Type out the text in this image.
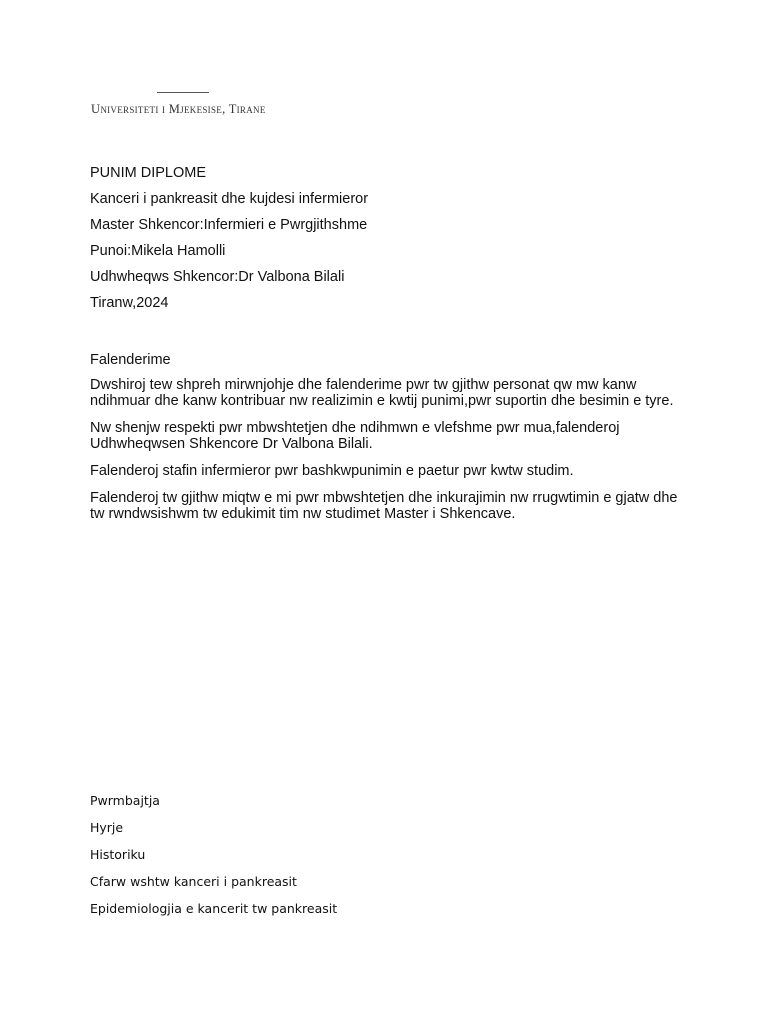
Universiteti i Mjekesise, Tirane
PUNIM DIPLOME
Kanceri i pankreasit dhe kujdesi infermieror
Master Shkencor:Infermieri e Pwrgjithshme
Punoi:Mikela Hamolli
Udhwheqws Shkencor:Dr Valbona Bilali
Tiranw,2024
Falenderime

Dwshiroj tew shpreh mirwnjohje dhe falenderime pwr tw gjithw personat qw mw kanw ndihmuar dhe kanw kontribuar nw realizimin e kwtij punimi,pwr suportin dhe besimin e tyre.

Nw shenjw respekti pwr mbwshtetjen dhe ndihmwn e vlefshme pwr mua,falenderoj Udhwheqwsen Shkencore Dr Valbona Bilali.

Falenderoj stafin infermieror pwr bashkwpunimin e paetur pwr kwtw studim.

Falenderoj tw gjithw miqtw e mi pwr mbwshtetjen dhe inkurajimin nw rrugwtimin e gjatw dhe tw rwndwsishwm tw edukimit tim nw studimet Master i Shkencave.

Pwrmbajtja
Hyrje
Historiku
Cfarw wshtw kanceri i pankreasit
Epidemiologjia e kancerit tw pankreasit
